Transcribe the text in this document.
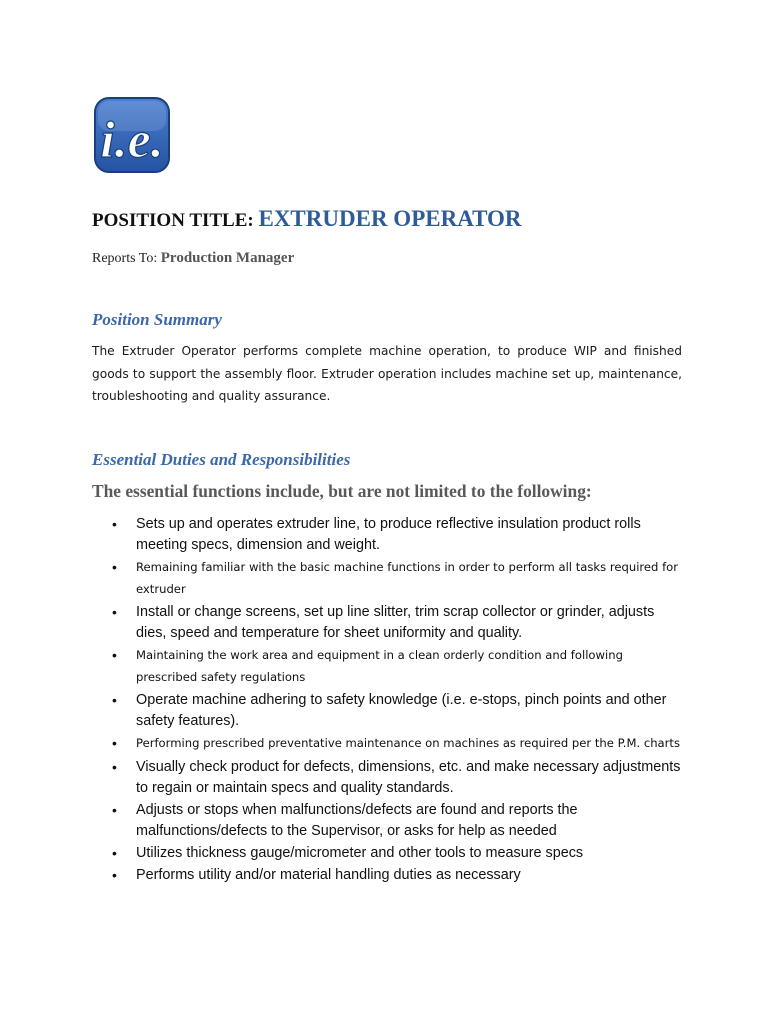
i.e.
POSITION TITLE: EXTRUDER OPERATOR

Reports To: Production Manager

Position Summary

The Extruder Operator performs complete machine operation, to produce WIP and finished goods to support the assembly floor. Extruder operation includes machine set up, maintenance, troubleshooting and quality assurance.

Essential Duties and Responsibilities
The essential functions include, but are not limited to the following:
• Sets up and operates extruder line, to produce reflective insulation product rolls meeting specs, dimension and weight.
• Remaining familiar with the basic machine functions in order to perform all tasks required for extruder
• Install or change screens, set up line slitter, trim scrap collector or grinder, adjusts dies, speed and temperature for sheet uniformity and quality.
• Maintaining the work area and equipment in a clean orderly condition and following prescribed safety regulations
• Operate machine adhering to safety knowledge (i.e. e-stops, pinch points and other safety features).
• Performing prescribed preventative maintenance on machines as required per the P.M. charts
• Visually check product for defects, dimensions, etc. and make necessary adjustments to regain or maintain specs and quality standards.
• Adjusts or stops when malfunctions/defects are found and reports the malfunctions/defects to the Supervisor, or asks for help as needed
• Utilizes thickness gauge/micrometer and other tools to measure specs
• Performs utility and/or material handling duties as necessary
